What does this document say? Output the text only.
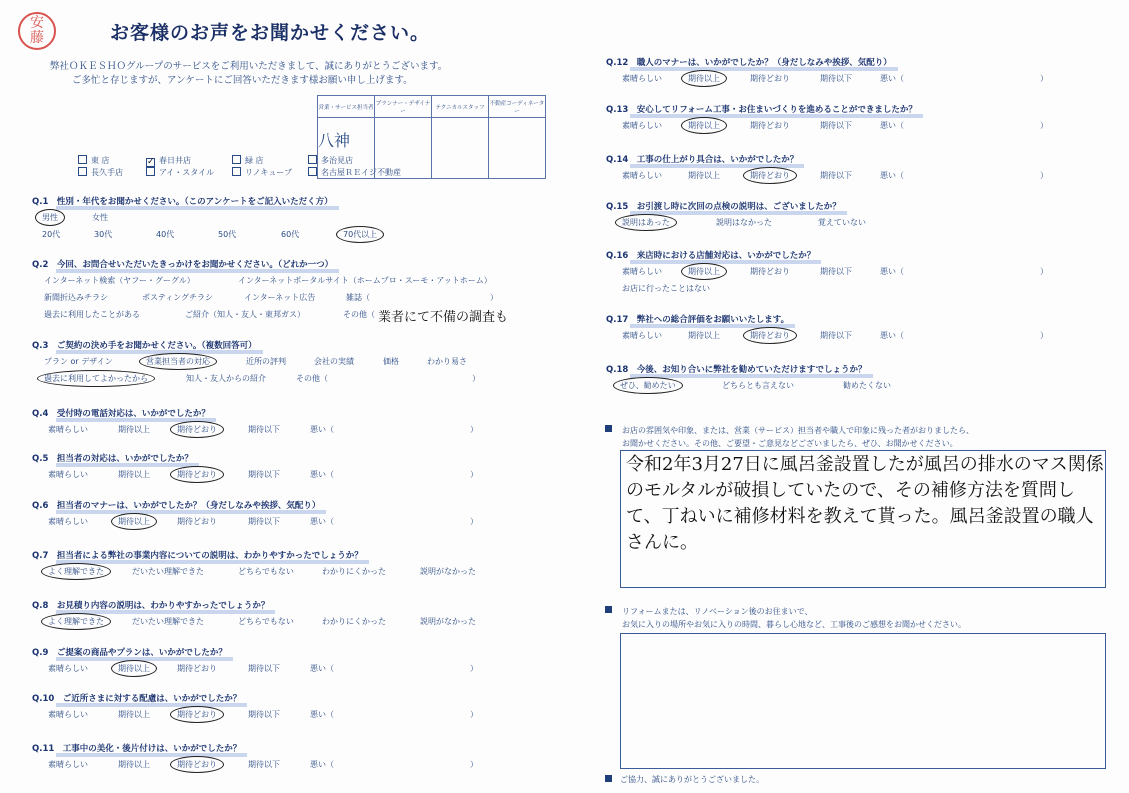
安
藤	お客様のお声をお聞かせください。
弊社ＯＫＥＳＨＯグループのサービスをご利用いただきまして、誠にありがとうございます。
ご多忙と存じますが、アンケートにご回答いただきます様お願い申し上げます。
営業・サービス担当者	プランナー・デザイナー	テクニカルスタッフ	不動産コーディネーター
八神			
東 店	✓ 春日井店	緑 店	多治見店
長久手店	アイ・スタイル	リノキューブ	名古屋ＲＥイジ不動産
Q.1　性別・年代をお聞かせください。（このアンケートをご記入いただく方）
男性	女性
20代	30代	40代	50代	60代	70代以上
Q.2　今回、お問合せいただいたきっかけをお聞かせください。（どれか一つ）
インターネット検索（ヤフー・グーグル）	インターネットポータルサイト（ホームプロ・スーモ・アットホーム）
新聞折込みチラシ	ポスティングチラシ	インターネット広告	雑誌（　　　　　　　　　　　　　　　）
過去に利用したことがある	ご紹介（知人・友人・東邦ガス）	その他（ 業者にて不備の調査も
Q.3　ご契約の決め手をお聞かせください。（複数回答可）
プラン or デザイン	営業担当者の対応	近所の評判	会社の実績	価格	わかり易さ
過去に利用してよかったから	知人・友人からの紹介	その他（　　　　　　　　　　　　　　　　　　）
Q.4　受付時の電話対応は、いかがでしたか？
素晴らしい	期待以上	期待どおり	期待以下	悪い（　　　　　　　　　　　　　　　　　）
Q.5　担当者の対応は、いかがでしたか？
素晴らしい	期待以上	期待どおり	期待以下	悪い（　　　　　　　　　　　　　　　　　）
Q.6　担当者のマナーは、いかがでしたか？（身だしなみや挨拶、気配り）
素晴らしい	期待以上	期待どおり	期待以下	悪い（　　　　　　　　　　　　　　　　　）
Q.7　担当者による弊社の事業内容についての説明は、わかりやすかったでしょうか？
よく理解できた	だいたい理解できた	どちらでもない	わかりにくかった	説明がなかった
Q.8　お見積り内容の説明は、わかりやすかったでしょうか？
よく理解できた	だいたい理解できた	どちらでもない	わかりにくかった	説明がなかった
Q.9　ご提案の商品やプランは、いかがでしたか？
素晴らしい	期待以上	期待どおり	期待以下	悪い（　　　　　　　　　　　　　　　　　）
Q.10　ご近所さまに対する配慮は、いかがでしたか？
素晴らしい	期待以上	期待どおり	期待以下	悪い（　　　　　　　　　　　　　　　　　）
Q.11　工事中の美化・後片付けは、いかがでしたか？
素晴らしい	期待以上	期待どおり	期待以下	悪い（　　　　　　　　　　　　　　　　　）
Q.12　職人のマナーは、いかがでしたか？（身だしなみや挨拶、気配り）
素晴らしい	期待以上	期待どおり	期待以下	悪い（　　　　　　　　　　　　　　　　　）
Q.13　安心してリフォーム工事・お住まいづくりを進めることができましたか？
素晴らしい	期待以上	期待どおり	期待以下	悪い（　　　　　　　　　　　　　　　　　）
Q.14　工事の仕上がり具合は、いかがでしたか？
素晴らしい	期待以上	期待どおり	期待以下	悪い（　　　　　　　　　　　　　　　　　）
Q.15　お引渡し時に次回の点検の説明は、ございましたか？
説明はあった	説明はなかった	覚えていない
Q.16　来店時における店舗対応は、いかがでしたか？
素晴らしい	期待以上	期待どおり	期待以下	悪い（　　　　　　　　　　　　　　　　　）
お店に行ったことはない
Q.17　弊社への総合評価をお願いいたします。
素晴らしい	期待以上	期待どおり	期待以下	悪い（　　　　　　　　　　　　　　　　　）
Q.18　今後、お知り合いに弊社を勧めていただけますでしょうか？
ぜひ、勧めたい	どちらとも言えない	勧めたくない
お店の雰囲気や印象、または、営業（サービス）担当者や職人で印象に残った者がおりましたら、
お聞かせください。その他、ご要望・ご意見などございましたら、ぜひ、お聞かせください。
令和2年3月27日に風呂釜設置したが風呂の排水のマス関係のモルタルが破損していたので、その補修方法を質問して、丁ねいに補修材料を教えて貰った。風呂釜設置の職人さんに。
リフォームまたは、リノベーション後のお住まいで、
お気に入りの場所やお気に入りの時間、暮らし心地など、工事後のご感想をお聞かせください。
ご協力、誠にありがとうございました。
